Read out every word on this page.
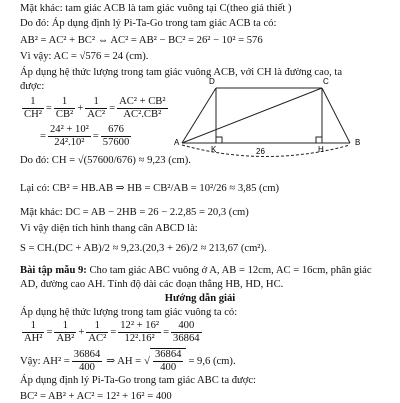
Mặt khác: tam giác ACB là tam giác vuông tại C(theo giả thiết )
Do đó: Áp dụng định lý Pi-Ta-Go trong tam giác ACB ta có:
AB² = AC² + BC² ⇔ AC² = AB² − BC² = 26² − 10² = 576
Vì vậy: AC = √576 = 24 (cm).
Áp dụng hệ thức lượng trong tam giác vuông ACB, với CH là đường cao, ta
được:
$\frac{1}{\text{CH²}} = \frac{1}{\text{CB²}} + \frac{1}{\text{AC²}} = \frac{\text{AC² + CB²}}{\text{AC².CB²}}$
= $\frac{\text{24² + 10²}}{\text{24².10²}} = \frac{676}{57600}$
Do đó: CH = √(57600/676) ≈ 9,23 (cm).
Lại có: CB² = HB.AB ⇒ HB = CB²/AB = 10²/26 ≈ 3,85 (cm)
Mặt khác: DC = AB − 2HB = 26 − 2.2,85 = 20,3 (cm)
Vì vậy diện tích hình thang cân ABCD là:
S = CH.(DC + AB)/2 ≈ 9,23.(20,3 + 26)/2 ≈ 213,67 (cm²).
Bài tập mẫu 9: Cho tam giác ABC vuông ở A, AB = 12cm, AC = 16cm, phân giác
AD, đường cao AH. Tính độ dài các đoạn thẳng HB, HD, HC.
Hướng dẫn giải
Áp dụng hệ thức lượng trong tam giác vuông ta có:
$\frac{1}{\text{AH²}} = \frac{1}{\text{AB²}} + \frac{1}{\text{AC²}} = \frac{\text{12² + 16²}}{\text{12².16²}} = \frac{400}{36864}$
Vậy: $AH^2 = \frac{36864}{400}$ ⇒ AH = √ $\frac{36864}{400} = 9,6$ (cm).
Áp dụng định lý Pi-Ta-Go trong tam giác ABC ta được:
BC² = AB² + AC² = 12² + 16² = 400
A	B
C
D
K	H
26
